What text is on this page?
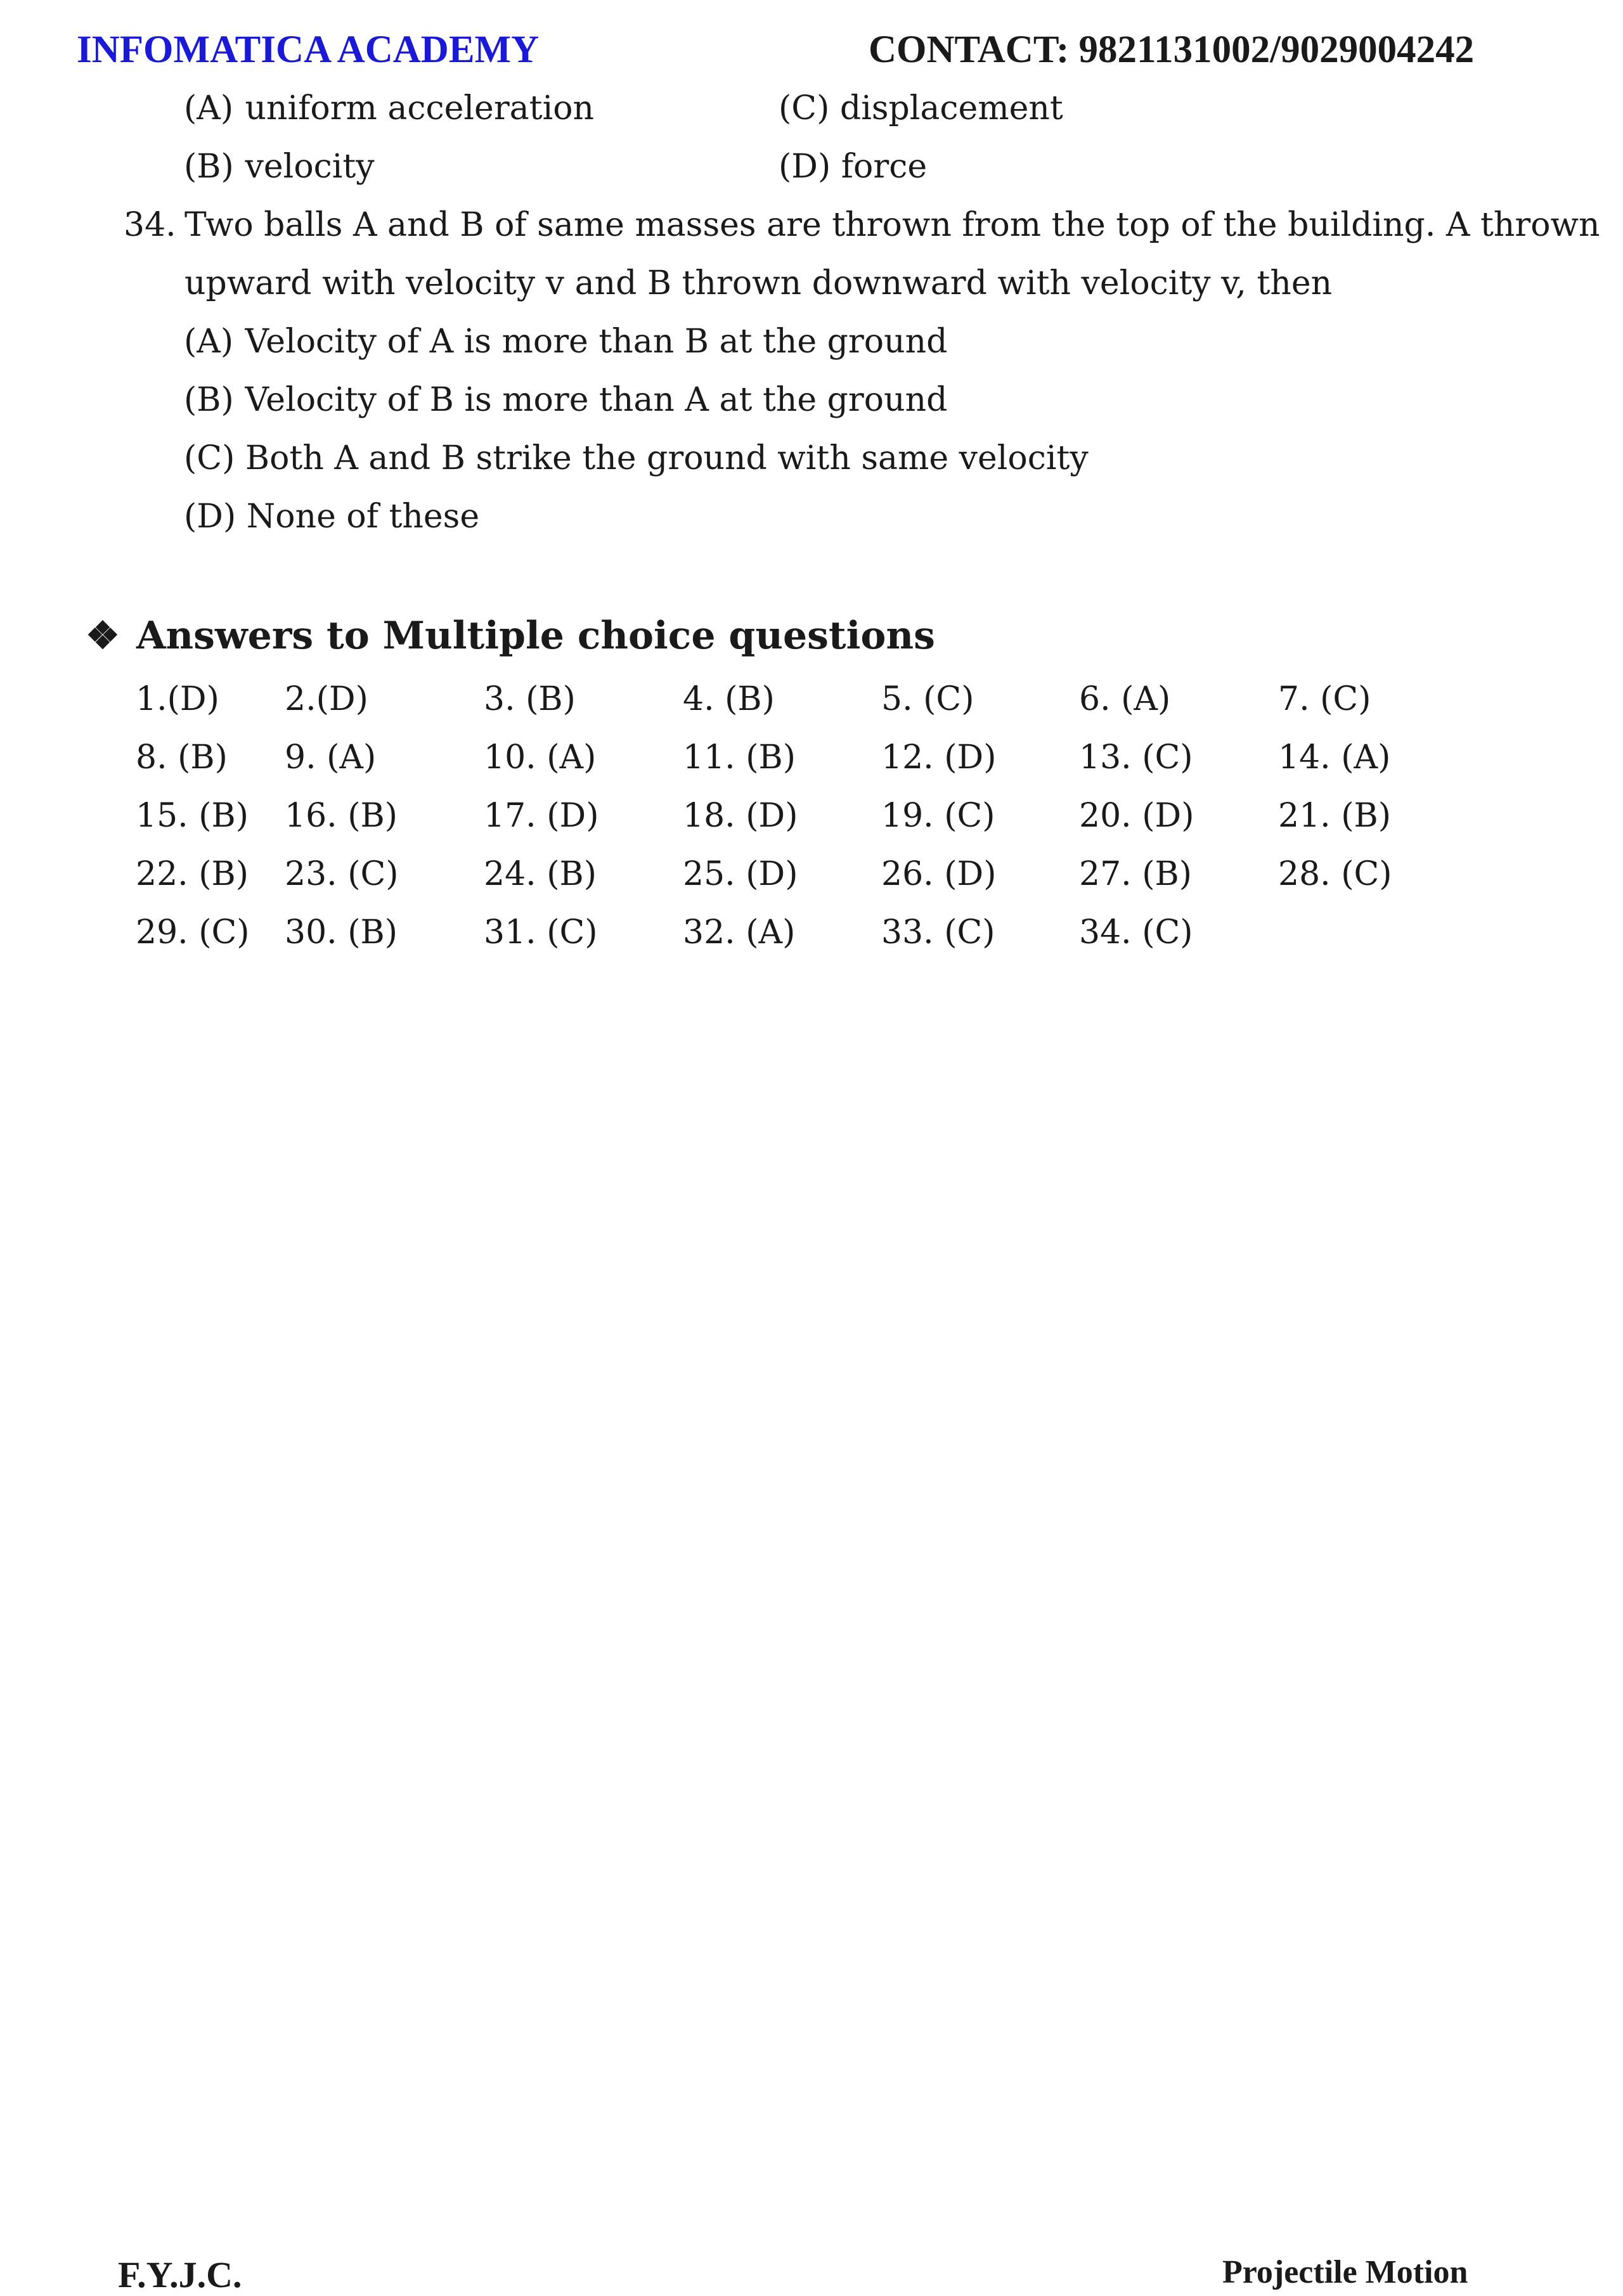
INFOMATICA ACADEMY	CONTACT: 9821131002/9029004242
(A) uniform acceleration	(C) displacement
(B) velocity	(D) force
34. Two balls A and B of same masses are thrown from the top of the building. A thrown
upward with velocity v and B thrown downward with velocity v, then
(A) Velocity of A is more than B at the ground
(B) Velocity of B is more than A at the ground
(C) Both A and B strike the ground with same velocity
(D) None of these
❖ Answers to Multiple choice questions
1.(D) 2.(D)	3. (B)	4. (B)	5. (C)	6. (A)	7. (C)
8. (B) 9. (A)	10. (A)	11. (B)	12. (D)	13. (C)	14. (A)
15. (B) 16. (B)	17. (D)	18. (D)	19. (C)	20. (D)	21. (B)
22. (B) 23. (C)	24. (B)	25. (D)	26. (D)	27. (B)	28. (C)
29. (C) 30. (B)	31. (C)	32. (A)	33. (C)	34. (C)
F.Y.J.C.	Projectile Motion
